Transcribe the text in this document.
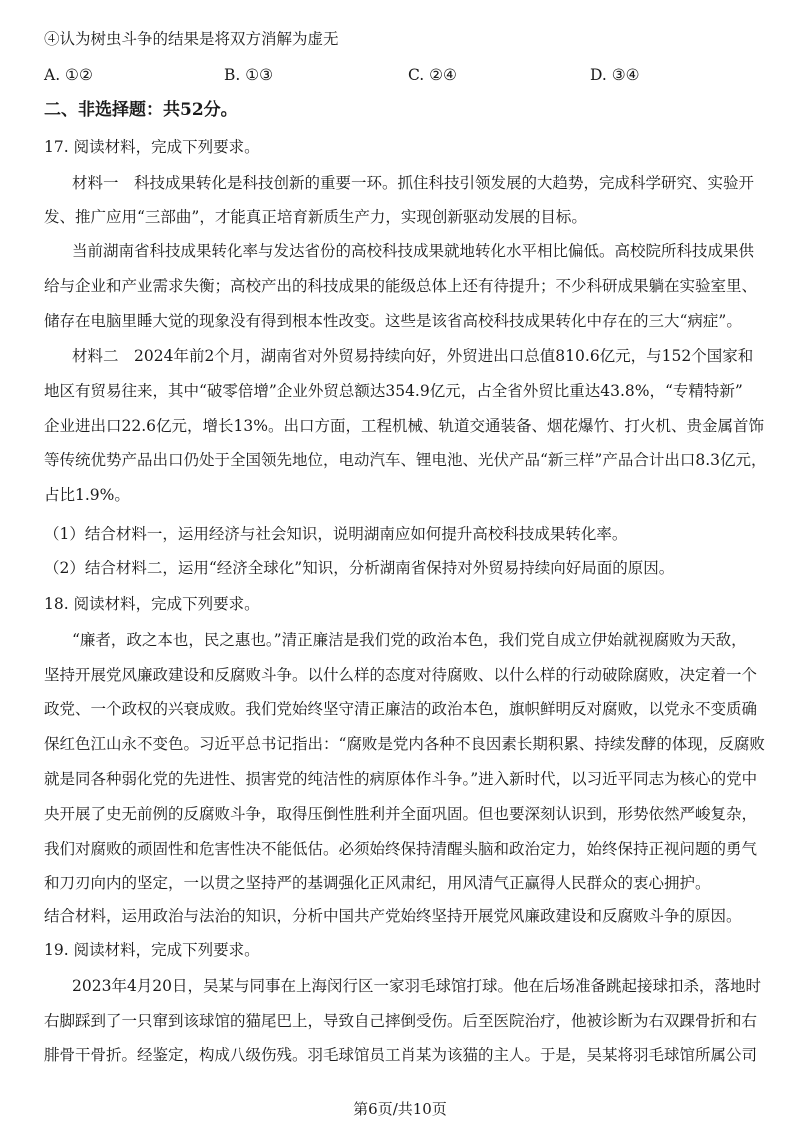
④认为树虫斗争的结果是将双方消解为虚无
A. ①②	B. ①③	C. ②④	D. ③④
二、非选择题：共52分。
17. 阅读材料，完成下列要求。
材料一　科技成果转化是科技创新的重要一环。抓住科技引领发展的大趋势，完成科学研究、实验开
发、推广应用“三部曲”，才能真正培育新质生产力，实现创新驱动发展的目标。
当前湖南省科技成果转化率与发达省份的高校科技成果就地转化水平相比偏低。高校院所科技成果供
给与企业和产业需求失衡；高校产出的科技成果的能级总体上还有待提升；不少科研成果躺在实验室里、
储存在电脑里睡大觉的现象没有得到根本性改变。这些是该省高校科技成果转化中存在的三大“病症”。
材料二　2024年前2个月，湖南省对外贸易持续向好，外贸进出口总值810.6亿元，与152个国家和
地区有贸易往来，其中“破零倍增”企业外贸总额达354.9亿元，占全省外贸比重达43.8%，“专精特新”
企业进出口22.6亿元，增长13%。出口方面，工程机械、轨道交通装备、烟花爆竹、打火机、贵金属首饰
等传统优势产品出口仍处于全国领先地位，电动汽车、锂电池、光伏产品“新三样”产品合计出口8.3亿元，
占比1.9%。
（1）结合材料一，运用经济与社会知识，说明湖南应如何提升高校科技成果转化率。
（2）结合材料二，运用“经济全球化”知识，分析湖南省保持对外贸易持续向好局面的原因。
18. 阅读材料，完成下列要求。
“廉者，政之本也，民之惠也。”清正廉洁是我们党的政治本色，我们党自成立伊始就视腐败为天敌，
坚持开展党风廉政建设和反腐败斗争。以什么样的态度对待腐败、以什么样的行动破除腐败，决定着一个
政党、一个政权的兴衰成败。我们党始终坚守清正廉洁的政治本色，旗帜鲜明反对腐败，以党永不变质确
保红色江山永不变色。习近平总书记指出：“腐败是党内各种不良因素长期积累、持续发酵的体现，反腐败
就是同各种弱化党的先进性、损害党的纯洁性的病原体作斗争。”进入新时代，以习近平同志为核心的党中
央开展了史无前例的反腐败斗争，取得压倒性胜利并全面巩固。但也要深刻认识到，形势依然严峻复杂，
我们对腐败的顽固性和危害性决不能低估。必须始终保持清醒头脑和政治定力，始终保持正视问题的勇气
和刀刃向内的坚定，一以贯之坚持严的基调强化正风肃纪，用风清气正赢得人民群众的衷心拥护。
结合材料，运用政治与法治的知识，分析中国共产党始终坚持开展党风廉政建设和反腐败斗争的原因。
19. 阅读材料，完成下列要求。
2023年4月20日，吴某与同事在上海闵行区一家羽毛球馆打球。他在后场准备跳起接球扣杀，落地时
右脚踩到了一只窜到该球馆的猫尾巴上，导致自己摔倒受伤。后至医院治疗，他被诊断为右双踝骨折和右
腓骨干骨折。经鉴定，构成八级伤残。羽毛球馆员工肖某为该猫的主人。于是，吴某将羽毛球馆所属公司
第6页/共10页
